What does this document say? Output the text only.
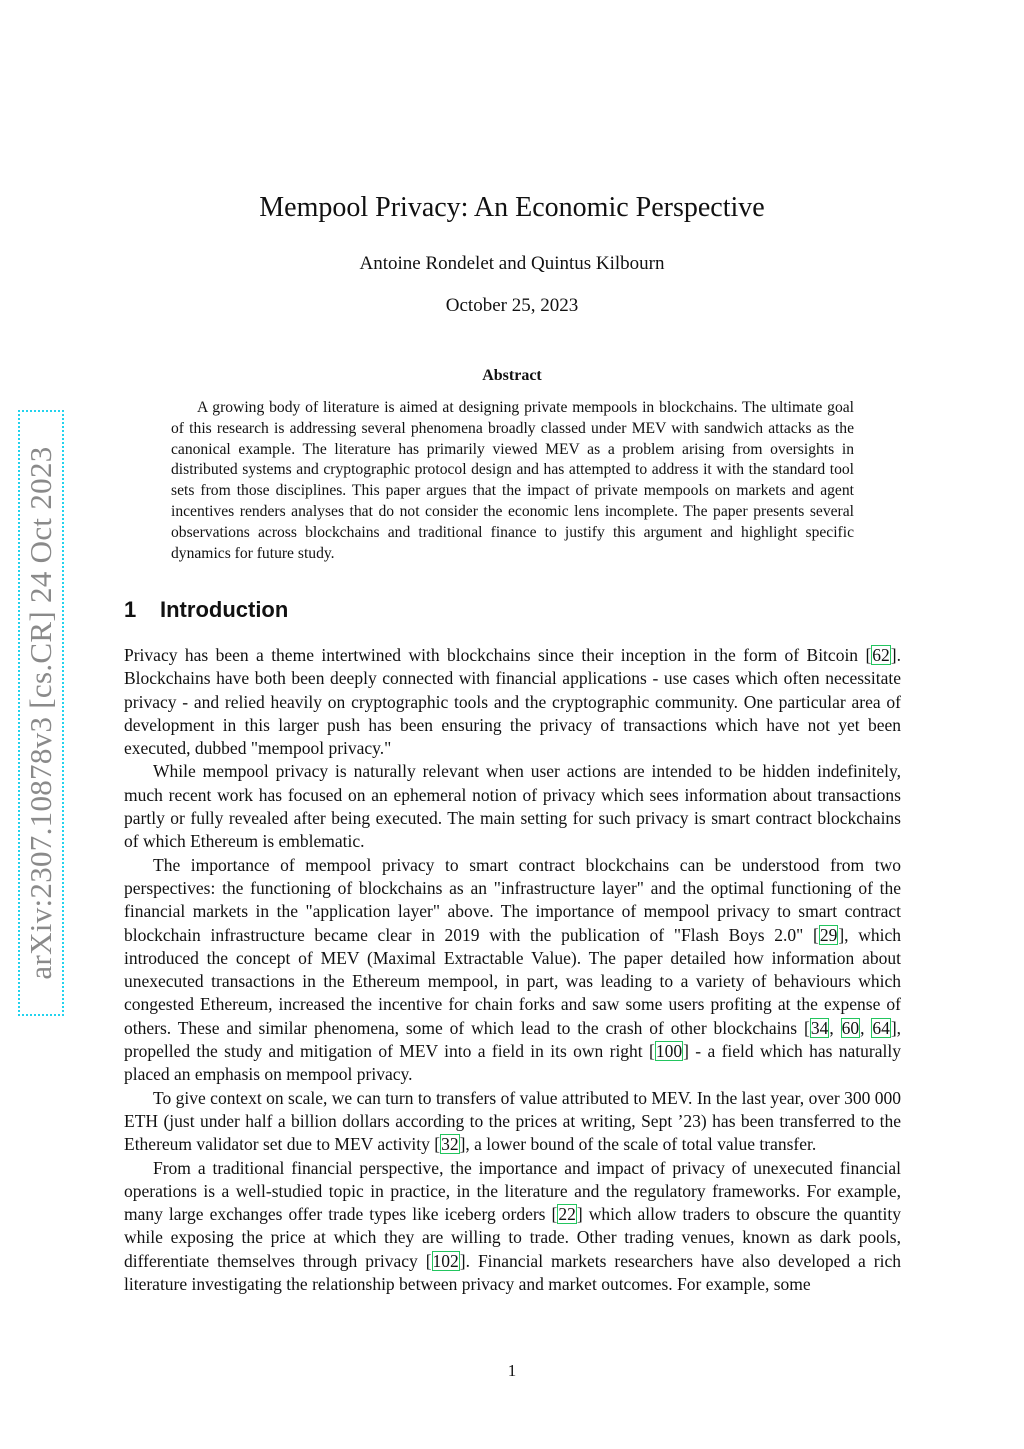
arXiv:2307.10878v3 [cs.CR] 24 Oct 2023
Mempool Privacy: An Economic Perspective
Antoine Rondelet and Quintus Kilbourn
October 25, 2023
Abstract

A growing body of literature is aimed at designing private mempools in blockchains. The ultimate goal of this research is addressing several phenomena broadly classed under MEV with sandwich attacks as the canonical example. The literature has primarily viewed MEV as a problem arising from oversights in distributed systems and cryptographic protocol design and has attempted to address it with the standard tool sets from those disciplines. This paper argues that the impact of private mempools on markets and agent incentives renders analyses that do not consider the economic lens incomplete. The paper presents several observations across blockchains and traditional finance to justify this argument and highlight specific dynamics for future study.

1 Introduction

Privacy has been a theme intertwined with blockchains since their inception in the form of Bitcoin [62]. Blockchains have both been deeply connected with financial applications - use cases which often necessitate privacy - and relied heavily on cryptographic tools and the cryptographic community. One particular area of development in this larger push has been ensuring the privacy of transactions which have not yet been executed, dubbed "mempool privacy."

While mempool privacy is naturally relevant when user actions are intended to be hidden indefinitely, much recent work has focused on an ephemeral notion of privacy which sees information about transactions partly or fully revealed after being executed. The main setting for such privacy is smart contract blockchains of which Ethereum is emblematic.

The importance of mempool privacy to smart contract blockchains can be understood from two perspectives: the functioning of blockchains as an "infrastructure layer" and the optimal functioning of the financial markets in the "application layer" above. The importance of mempool privacy to smart contract blockchain infrastructure became clear in 2019 with the publication of "Flash Boys 2.0" [29], which introduced the concept of MEV (Maximal Extractable Value). The paper detailed how information about unexecuted transactions in the Ethereum mempool, in part, was leading to a variety of behaviours which congested Ethereum, increased the incentive for chain forks and saw some users profiting at the expense of others. These and similar phenomena, some of which lead to the crash of other blockchains [34, 60, 64], propelled the study and mitigation of MEV into a field in its own right [100] - a field which has naturally placed an emphasis on mempool privacy.

To give context on scale, we can turn to transfers of value attributed to MEV. In the last year, over 300 000 ETH (just under half a billion dollars according to the prices at writing, Sept ’23) has been transferred to the Ethereum validator set due to MEV activity [32], a lower bound of the scale of total value transfer.

From a traditional financial perspective, the importance and impact of privacy of unexecuted financial operations is a well-studied topic in practice, in the literature and the regulatory frameworks. For example, many large exchanges offer trade types like iceberg orders [22] which allow traders to obscure the quantity while exposing the price at which they are willing to trade. Other trading venues, known as dark pools, differentiate themselves through privacy [102]. Financial markets researchers have also developed a rich literature investigating the relationship between privacy and market outcomes. For example, some

1
